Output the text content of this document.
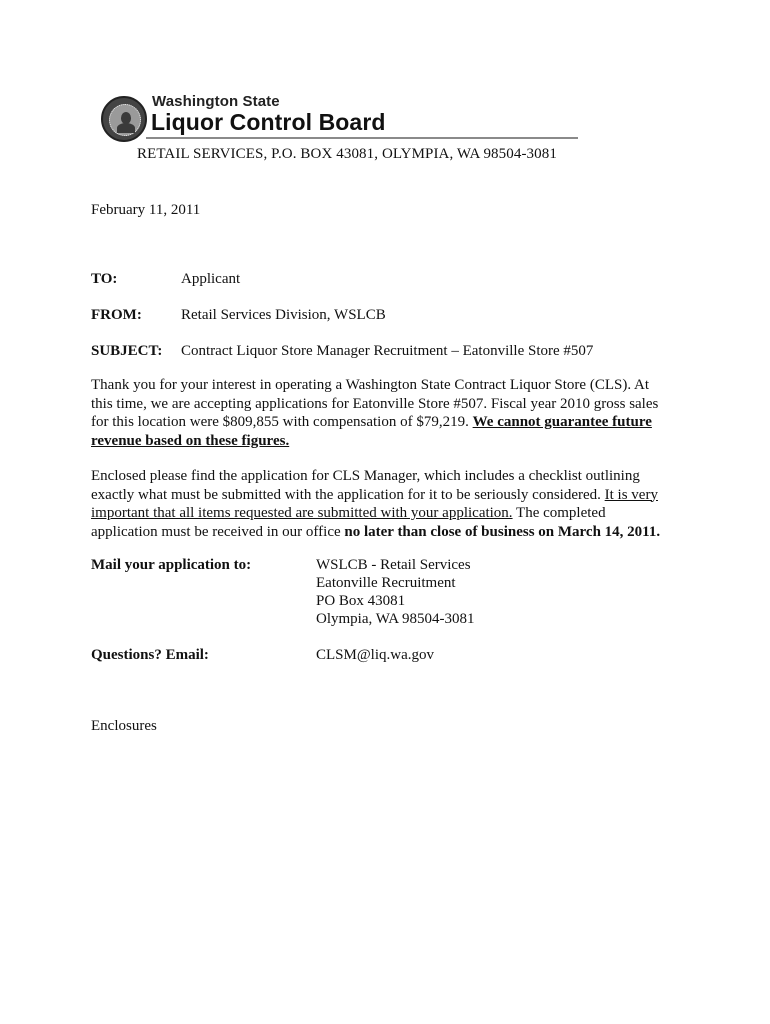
Washington State
Liquor Control Board
RETAIL SERVICES, P.O. BOX 43081, OLYMPIA, WA 98504-3081
February 11, 2011
TO:	Applicant
FROM:	Retail Services Division, WSLCB
SUBJECT: Contract Liquor Store Manager Recruitment – Eatonville Store #507
Thank you for your interest in operating a Washington State Contract Liquor Store (CLS). At
this time, we are accepting applications for Eatonville Store #507. Fiscal year 2010 gross sales
for this location were $809,855 with compensation of $79,219. We cannot guarantee future
revenue based on these figures.
Enclosed please find the application for CLS Manager, which includes a checklist outlining
exactly what must be submitted with the application for it to be seriously considered. It is very
important that all items requested are submitted with your application. The completed
application must be received in our office no later than close of business on March 14, 2011.
Mail your application to:	WSLCB - Retail Services
Eatonville Recruitment
PO Box 43081
Olympia, WA 98504-3081
Questions? Email:	CLSM@liq.wa.gov
Enclosures
